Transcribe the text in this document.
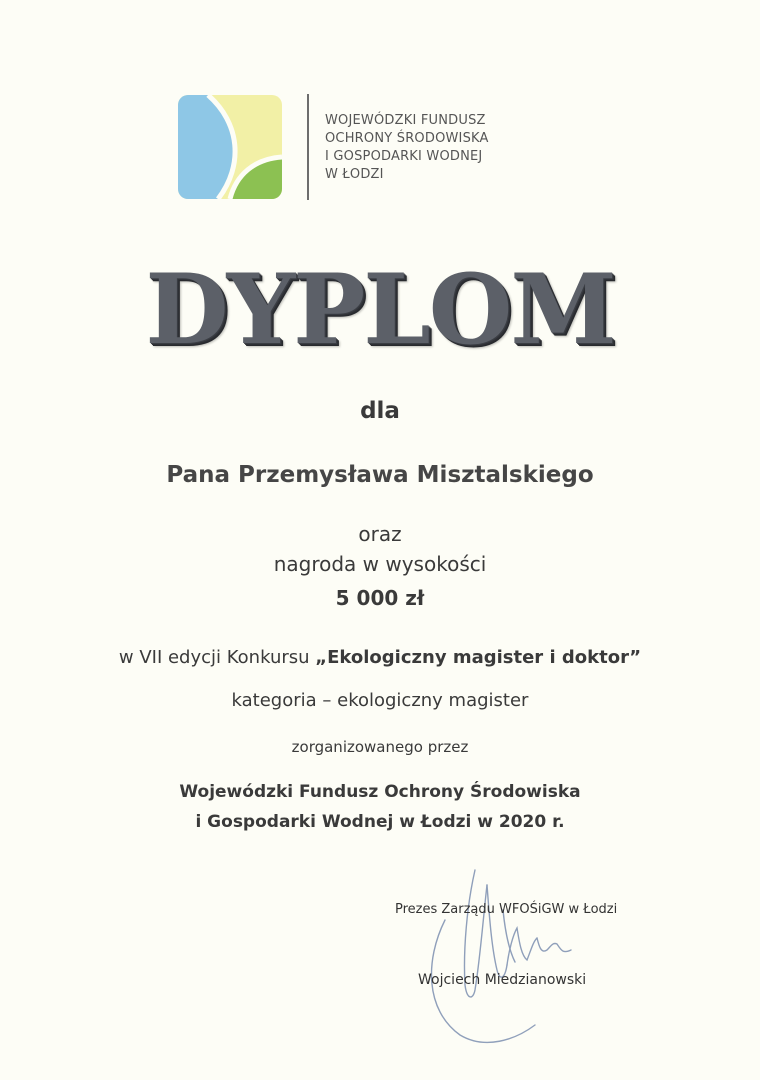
WOJEWÓDZKI FUNDUSZ
OCHRONY ŚRODOWISKA
I GOSPODARKI WODNEJ
W ŁODZI
DYPLOM
dla
Pana Przemysława Misztalskiego
oraz
nagroda w wysokości
5 000 zł
w VII edycji Konkursu „Ekologiczny magister i doktor”
kategoria – ekologiczny magister
zorganizowanego przez
Wojewódzki Fundusz Ochrony Środowiska
i Gospodarki Wodnej w Łodzi w 2020 r.
Prezes Zarządu WFOŚiGW w Łodzi
Wojciech Miedzianowski
